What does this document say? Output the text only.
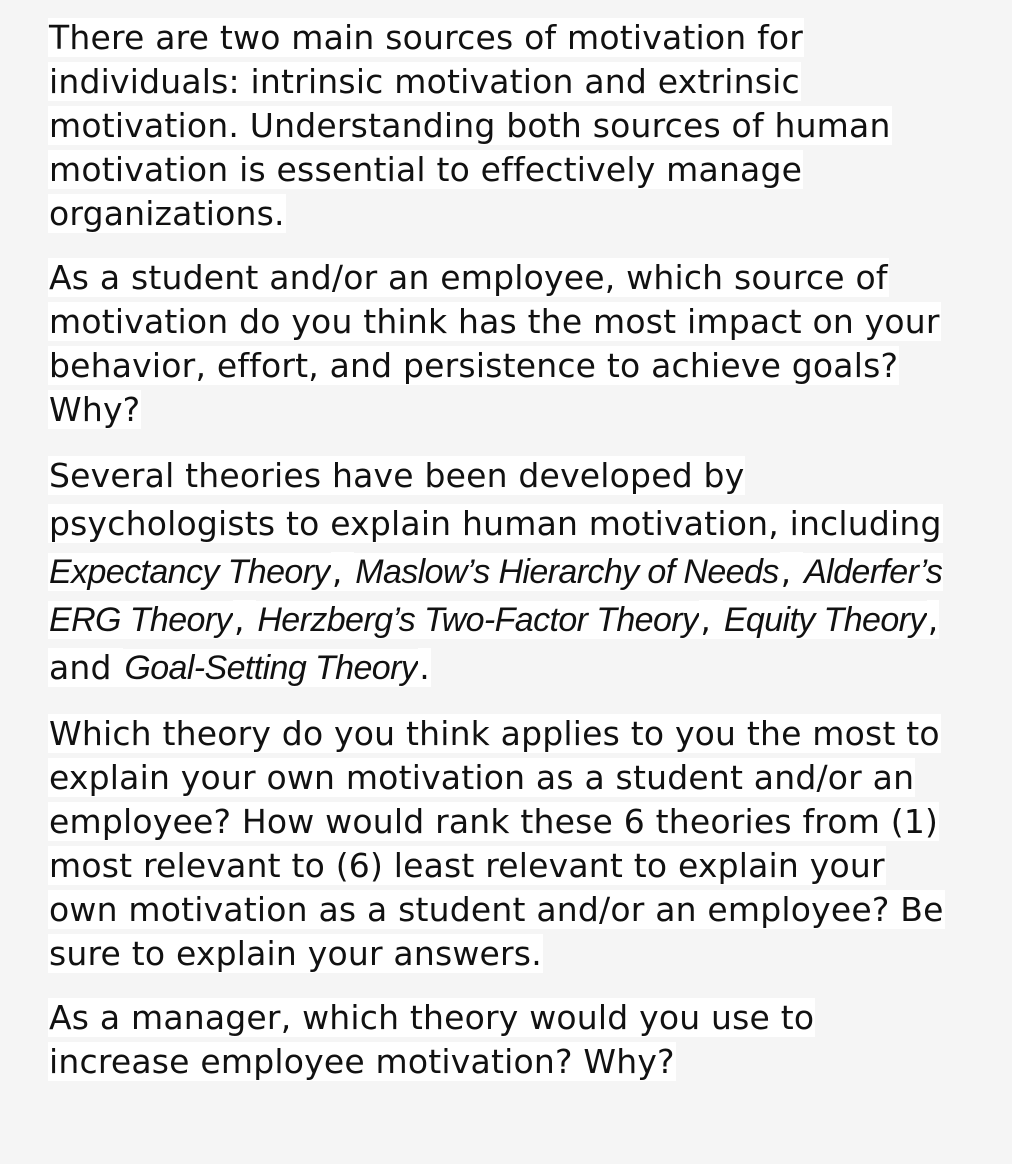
There are two main sources of motivation for individuals: intrinsic motivation and extrinsic motivation. Understanding both sources of human motivation is essential to effectively manage organizations.

As a student and/or an employee, which source of motivation do you think has the most impact on your behavior, effort, and persistence to achieve goals? Why?

Several theories have been developed by psychologists to explain human motivation, including Expectancy Theory, Maslow’s Hierarchy of Needs, Alderfer’s ERG Theory, Herzberg’s Two-Factor Theory, Equity Theory, and Goal-Setting Theory.

Which theory do you think applies to you the most to explain your own motivation as a student and/or an employee? How would rank these 6 theories from (1) most relevant to (6) least relevant to explain your own motivation as a student and/or an employee? Be sure to explain your answers.

As a manager, which theory would you use to increase employee motivation? Why?
